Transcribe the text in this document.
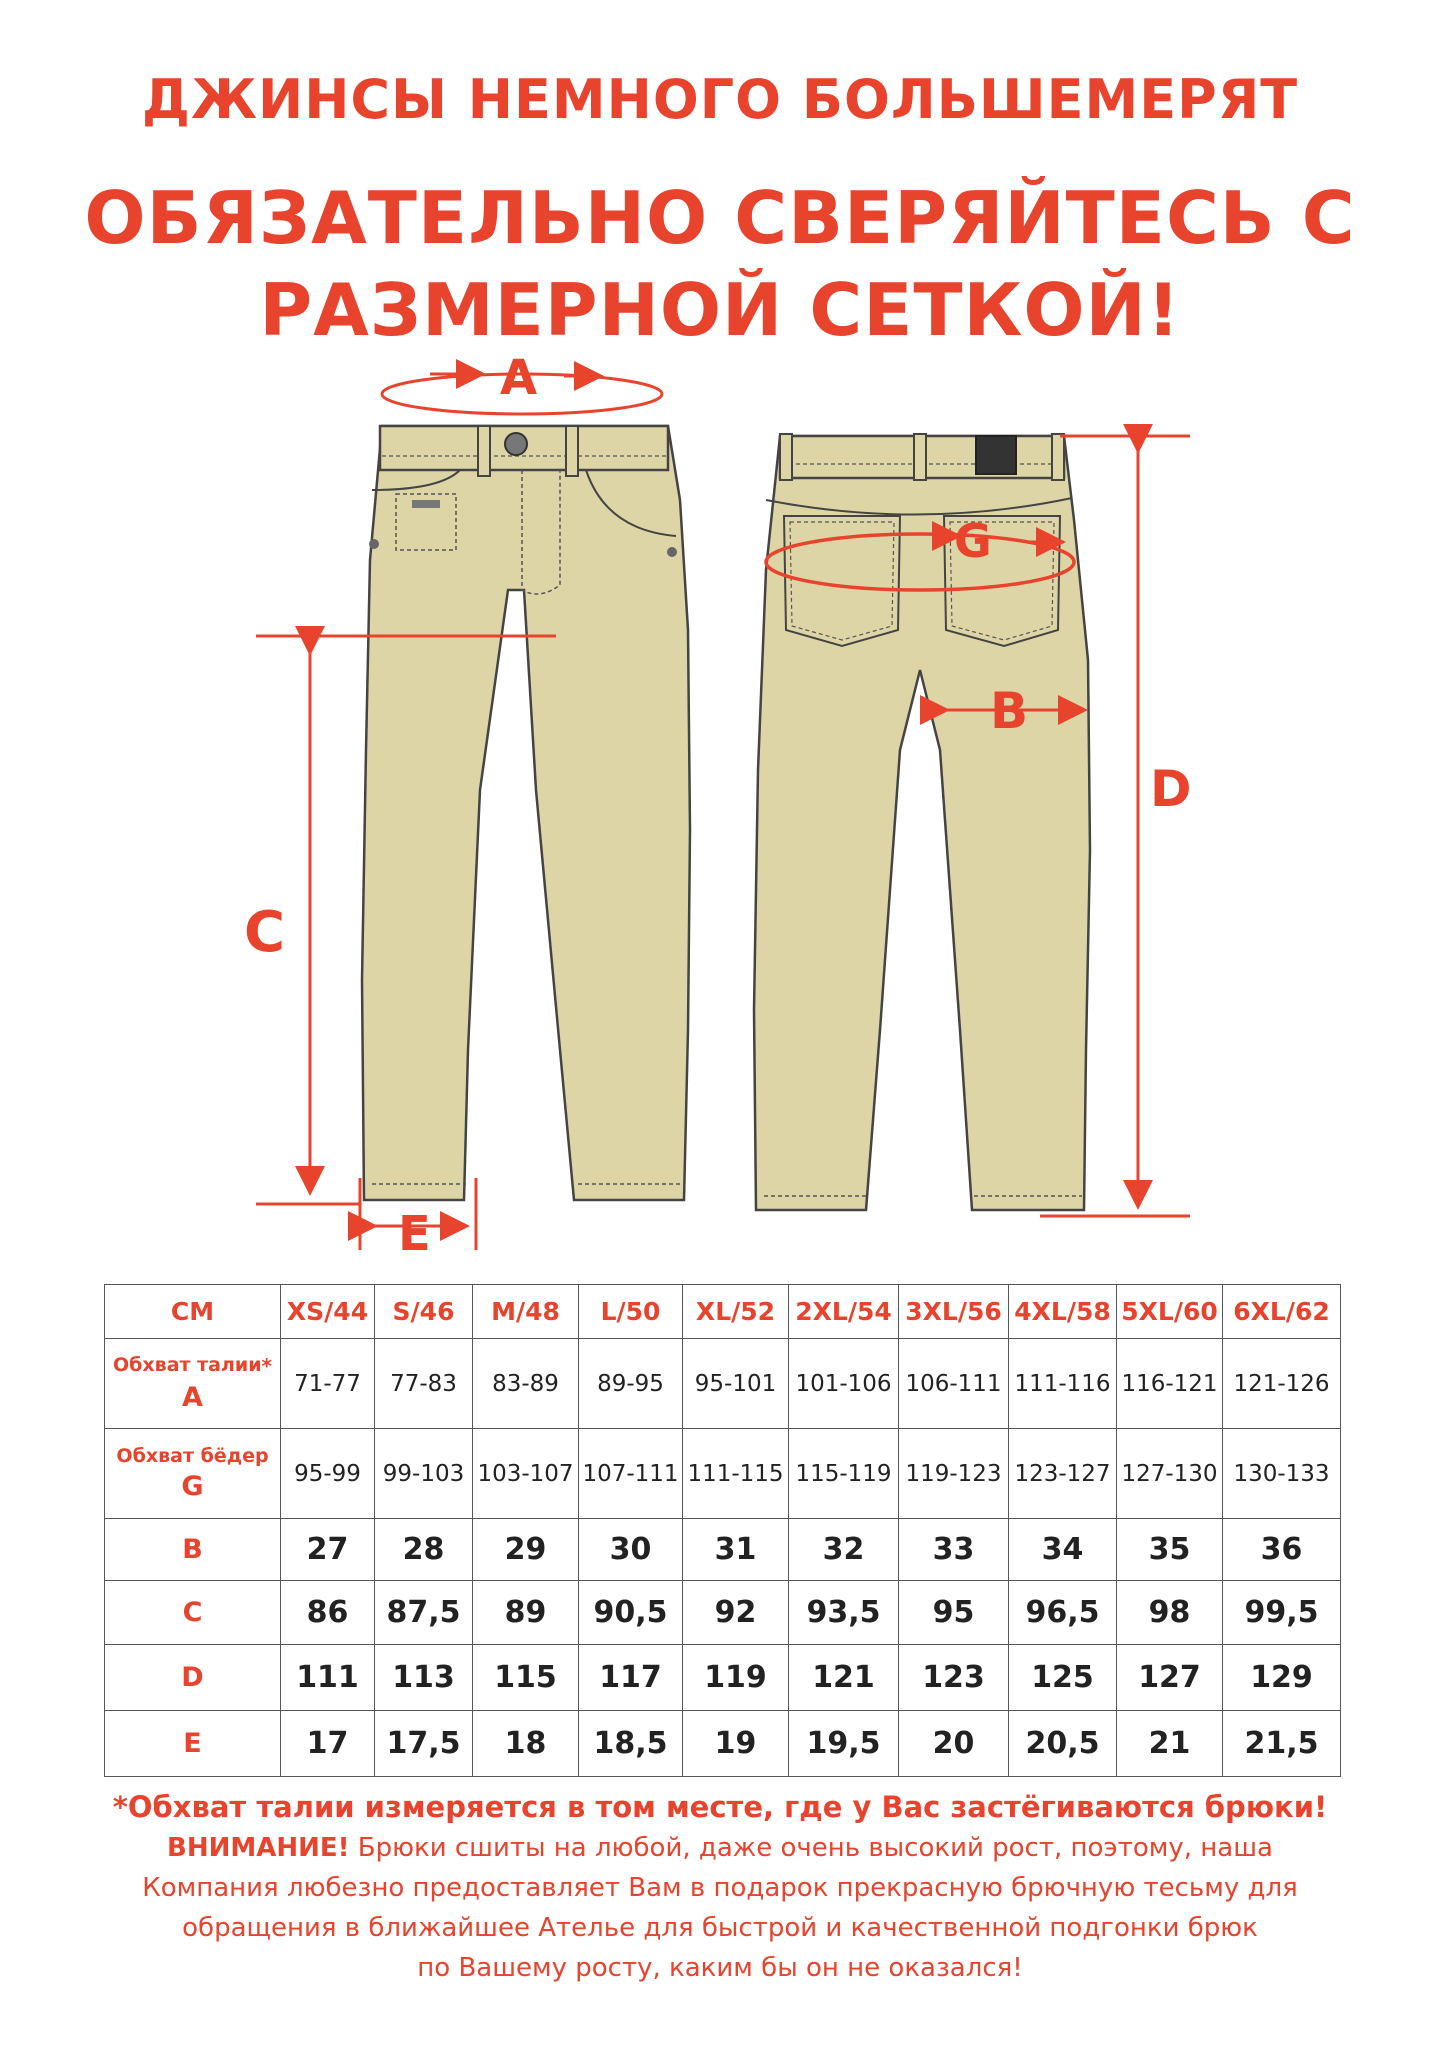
ДЖИНСЫ НЕМНОГО БОЛЬШЕМЕРЯТ
ОБЯЗАТЕЛЬНО СВЕРЯЙТЕСЬ С
РАЗМЕРНОЙ СЕТКОЙ!
A
G
B
C
D
E
СМ	XS/44	S/46	M/48	L/50	XL/52	2XL/54	3XL/56	4XL/58	5XL/60	6XL/62

Обхват талии*
A	71-77	77-83	83-89	89-95	95-101	101-106	106-111	111-116	116-121	121-126

Обхват бёдер
G	95-99	99-103	103-107	107-111	111-115	115-119	119-123	123-127	127-130	130-133
B	27	28	29	30	31	32	33	34	35	36
C	86	87,5	89	90,5	92	93,5	95	96,5	98	99,5
D	111	113	115	117	119	121	123	125	127	129
E	17	17,5	18	18,5	19	19,5	20	20,5	21	21,5
*Обхват талии измеряется в том месте, где у Вас застёгиваются брюки!
ВНИМАНИЕ! Брюки сшиты на любой, даже очень высокий рост, поэтому, наша
Компания любезно предоставляет Вам в подарок прекрасную брючную тесьму для
обращения в ближайшее Ателье для быстрой и качественной подгонки брюк
по Вашему росту, каким бы он не оказался!
